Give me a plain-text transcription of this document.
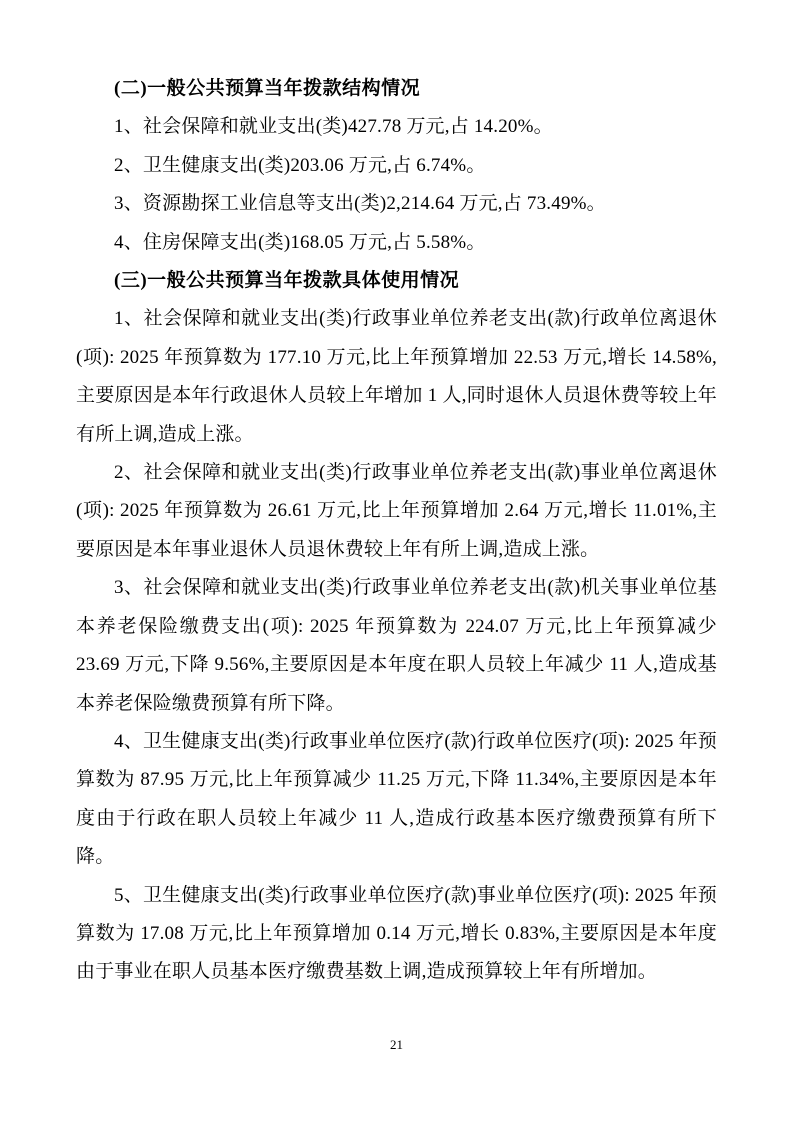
(二)一般公共预算当年拨款结构情况

1、社会保障和就业支出(类)427.78 万元,占 14.20%。

2、卫生健康支出(类)203.06 万元,占 6.74%。

3、资源勘探工业信息等支出(类)2,214.64 万元,占 73.49%。

4、住房保障支出(类)168.05 万元,占 5.58%。

(三)一般公共预算当年拨款具体使用情况

1、社会保障和就业支出(类)行政事业单位养老支出(款)行政单位离退休(项): 2025 年预算数为 177.10 万元,比上年预算增加 22.53 万元,增长 14.58%,主要原因是本年行政退休人员较上年增加 1 人,同时退休人员退休费等较上年有所上调,造成上涨。

2、社会保障和就业支出(类)行政事业单位养老支出(款)事业单位离退休(项): 2025 年预算数为 26.61 万元,比上年预算增加 2.64 万元,增长 11.01%,主要原因是本年事业退休人员退休费较上年有所上调,造成上涨。

3、社会保障和就业支出(类)行政事业单位养老支出(款)机关事业单位基本养老保险缴费支出(项): 2025 年预算数为 224.07 万元,比上年预算减少 23.69 万元,下降 9.56%,主要原因是本年度在职人员较上年减少 11 人,造成基本养老保险缴费预算有所下降。

4、卫生健康支出(类)行政事业单位医疗(款)行政单位医疗(项): 2025 年预算数为 87.95 万元,比上年预算减少 11.25 万元,下降 11.34%,主要原因是本年度由于行政在职人员较上年减少 11 人,造成行政基本医疗缴费预算有所下降。

5、卫生健康支出(类)行政事业单位医疗(款)事业单位医疗(项): 2025 年预算数为 17.08 万元,比上年预算增加 0.14 万元,增长 0.83%,主要原因是本年度由于事业在职人员基本医疗缴费基数上调,造成预算较上年有所增加。

21
